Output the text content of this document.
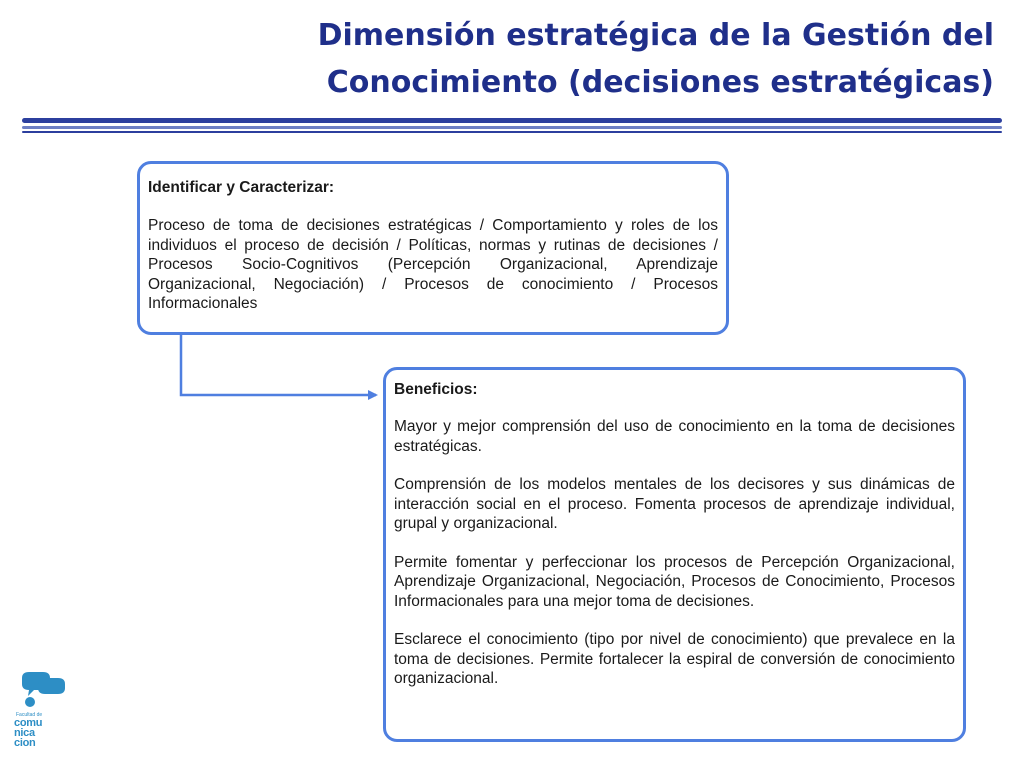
Dimensión estratégica de la Gestión del
Conocimiento (decisiones estratégicas)

Identificar y Caracterizar:

Proceso de toma de decisiones estratégicas / Comportamiento y roles de los individuos el proceso de decisión / Políticas, normas y rutinas de decisiones / Procesos Socio-Cognitivos (Percepción Organizacional, Aprendizaje Organizacional, Negociación) / Procesos de conocimiento / Procesos Informacionales

Beneficios:

Mayor y mejor comprensión del uso de conocimiento en la toma de decisiones estratégicas.

Comprensión de los modelos mentales de los decisores y sus dinámicas de interacción social en el proceso. Fomenta procesos de aprendizaje individual, grupal y organizacional.

Permite fomentar y perfeccionar los procesos de Percepción Organizacional, Aprendizaje Organizacional, Negociación, Procesos de Conocimiento, Procesos Informacionales para una mejor toma de decisiones.

Esclarece el conocimiento (tipo por nivel de conocimiento) que prevalece en la toma de decisiones. Permite fortalecer la espiral de conversión de conocimiento organizacional.

Facultad de
comu
nica
cion
